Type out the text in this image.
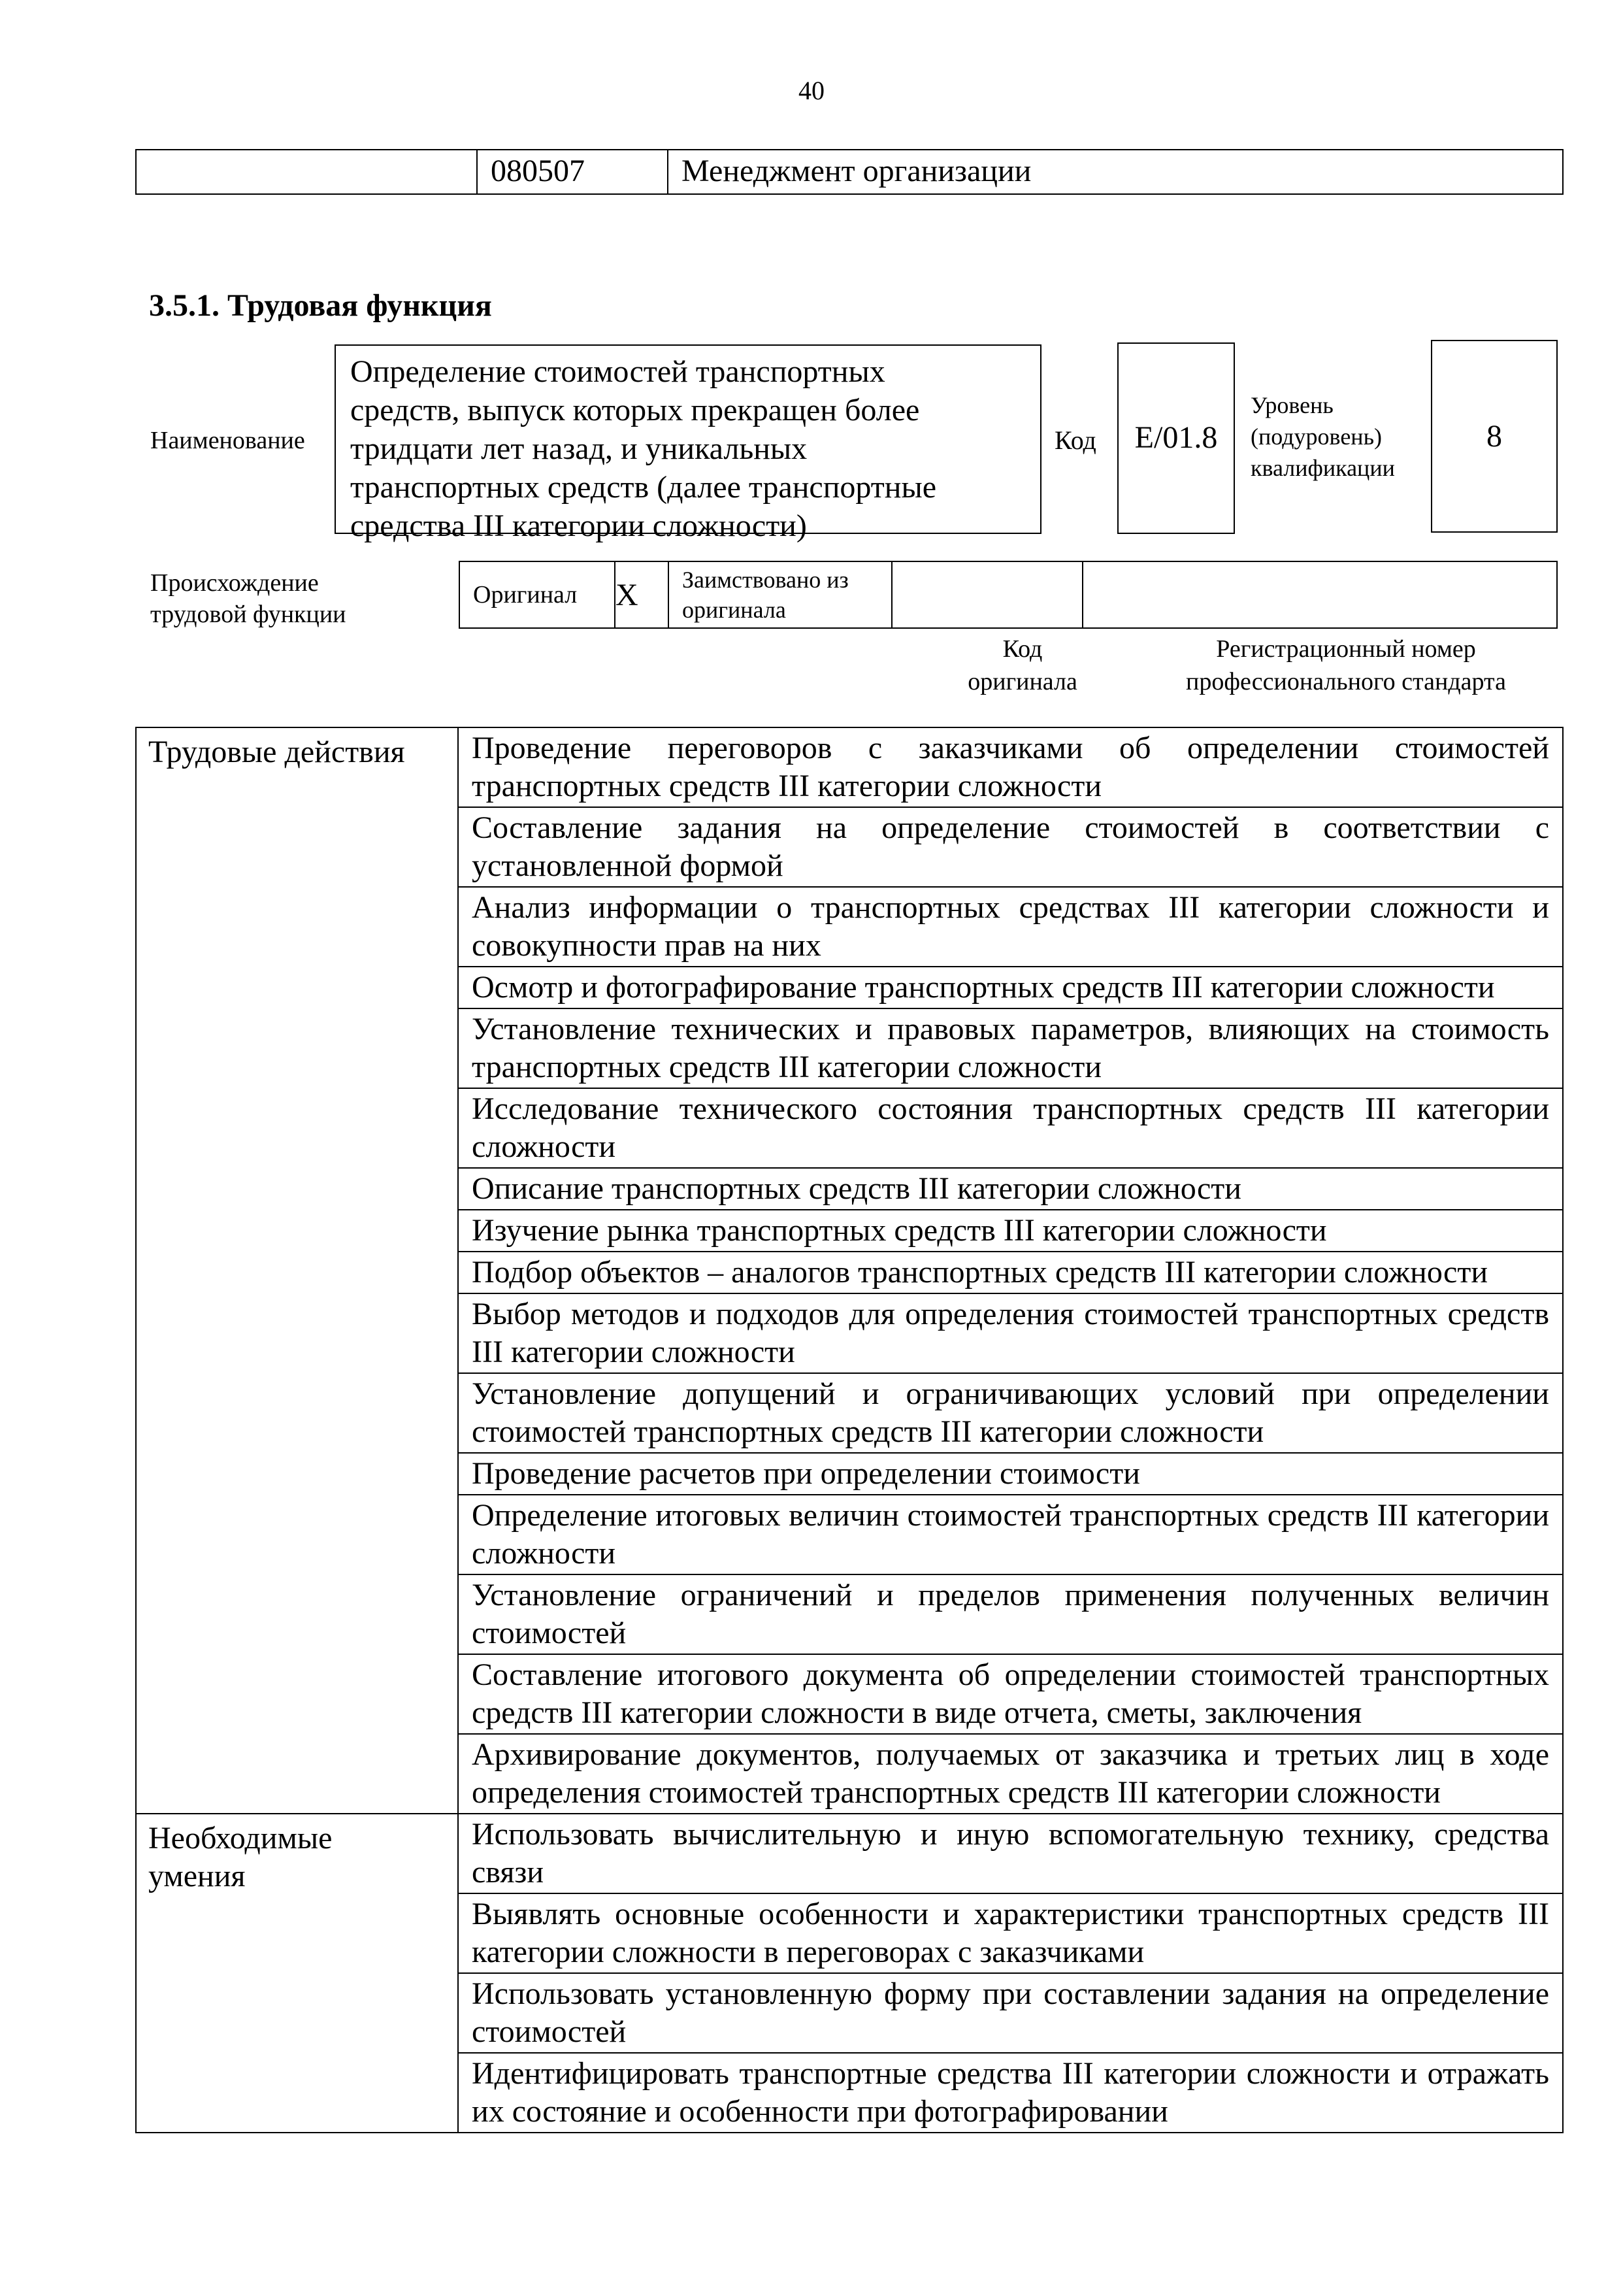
40
	080507	Менеджмент организации
3.5.1. Трудовая функция
Наименование
Определение стоимостей транспортных
средств, выпуск которых прекращен более
тридцати лет назад, и уникальных
транспортных средств (далее транспортные
средства III категории сложности)
Код	E/01.8
Уровень
(подуровень)
квалификации
8
Происхождение
трудовой функции
Оригинал	X	Заимствовано из
оригинала

Код
оригинала
Регистрационный номер
профессионального стандарта
Трудовые действия	Проведение переговоров с заказчиками об определении стоимостей транспортных средств III категории сложности
	Составление задания на определение стоимостей в соответствии с установленной формой
	Анализ информации о транспортных средствах III категории сложности и совокупности прав на них
	Осмотр и фотографирование транспортных средств III категории сложности
	Установление технических и правовых параметров, влияющих на стоимость транспортных средств III категории сложности
	Исследование технического состояния транспортных средств III категории сложности
	Описание транспортных средств III категории сложности
	Изучение рынка транспортных средств III категории сложности
	Подбор объектов – аналогов транспортных средств III категории сложности
	Выбор методов и подходов для определения стоимостей транспортных средств III категории сложности
	Установление допущений и ограничивающих условий при определении стоимостей транспортных средств III категории сложности
	Проведение расчетов при определении стоимости
	Определение итоговых величин стоимостей транспортных средств III категории сложности
	Установление ограничений и пределов применения полученных величин стоимостей
	Составление итогового документа об определении стоимостей транспортных средств III категории сложности в виде отчета, сметы, заключения
	Архивирование документов, получаемых от заказчика и третьих лиц в ходе определения стоимостей транспортных средств III категории сложности

Необходимые
умения	Использовать вычислительную и иную вспомогательную технику, средства связи
	Выявлять основные особенности и характеристики транспортных средств III категории сложности в переговорах с заказчиками
	Использовать установленную форму при составлении задания на определение стоимостей
	Идентифицировать транспортные средства III категории сложности и отражать их состояние и особенности при фотографировании
